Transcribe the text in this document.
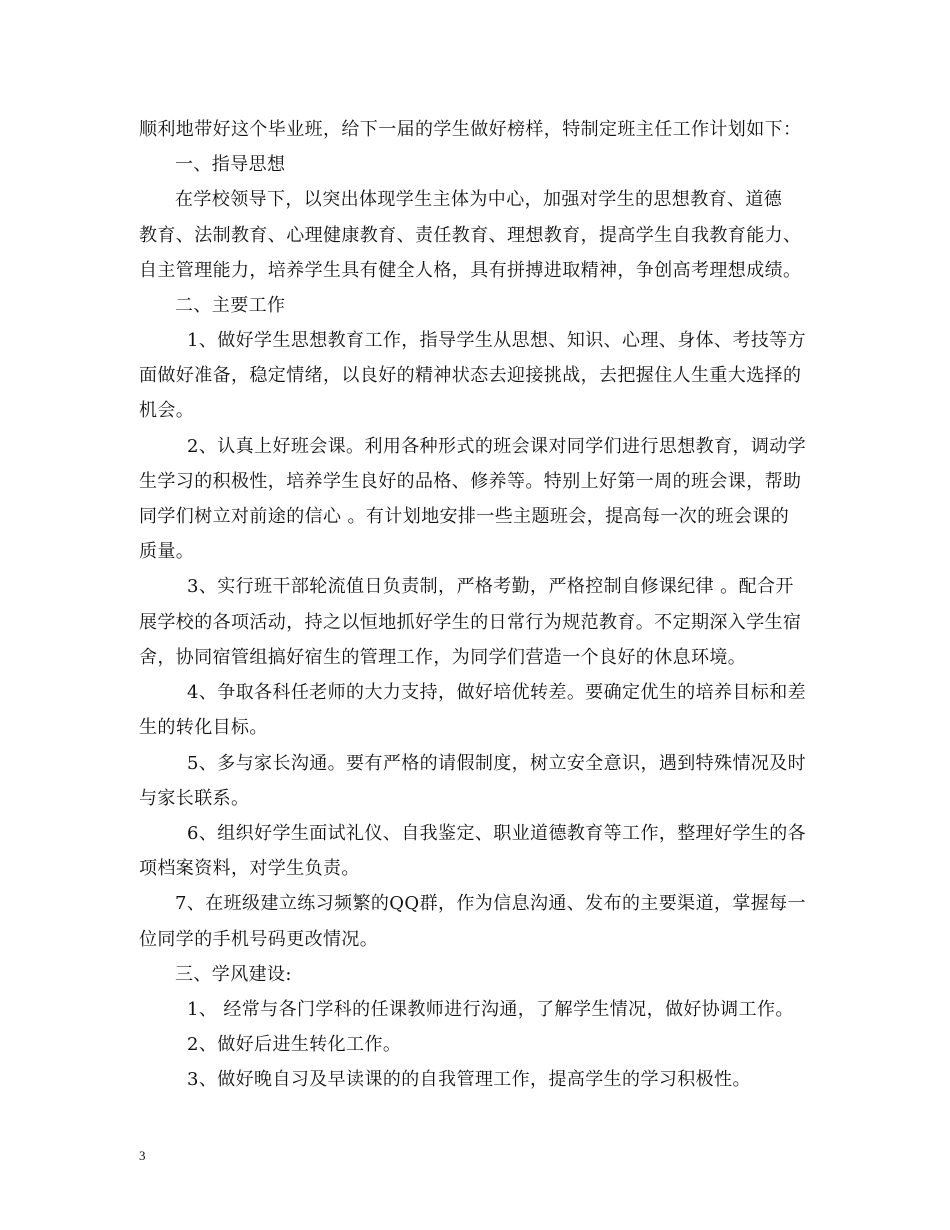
顺利地带好这个毕业班，给下一届的学生做好榜样，特制定班主任工作计划如下：
一、指导思想
在学校领导下，以突出体现学生主体为中心，加强对学生的思想教育、道德
教育、法制教育、心理健康教育、责任教育、理想教育，提高学生自我教育能力、
自主管理能力，培养学生具有健全人格，具有拼搏进取精神，争创高考理想成绩。
二、主要工作
1、做好学生思想教育工作，指导学生从思想、知识、心理、身体、考技等方
面做好准备，稳定情绪，以良好的精神状态去迎接挑战，去把握住人生重大选择的
机会。
2、认真上好班会课。利用各种形式的班会课对同学们进行思想教育，调动学
生学习的积极性，培养学生良好的品格、修养等。特别上好第一周的班会课，帮助
同学们树立对前途的信心 。有计划地安排一些主题班会，提高每一次的班会课的
质量。
3、实行班干部轮流值日负责制，严格考勤，严格控制自修课纪律 。配合开
展学校的各项活动，持之以恒地抓好学生的日常行为规范教育。不定期深入学生宿
舍，协同宿管组搞好宿生的管理工作，为同学们营造一个良好的休息环境。
4、争取各科任老师的大力支持，做好培优转差。要确定优生的培养目标和差
生的转化目标。
5、多与家长沟通。要有严格的请假制度，树立安全意识，遇到特殊情况及时
与家长联系。
6、组织好学生面试礼仪、自我鉴定、职业道德教育等工作，整理好学生的各
项档案资料，对学生负责。
7、在班级建立练习频繁的QQ群，作为信息沟通、发布的主要渠道，掌握每一
位同学的手机号码更改情况。
三、学风建设:
1、 经常与各门学科的任课教师进行沟通，了解学生情况，做好协调工作。
2、做好后进生转化工作。
3、做好晚自习及早读课的的自我管理工作，提高学生的学习积极性。
3
